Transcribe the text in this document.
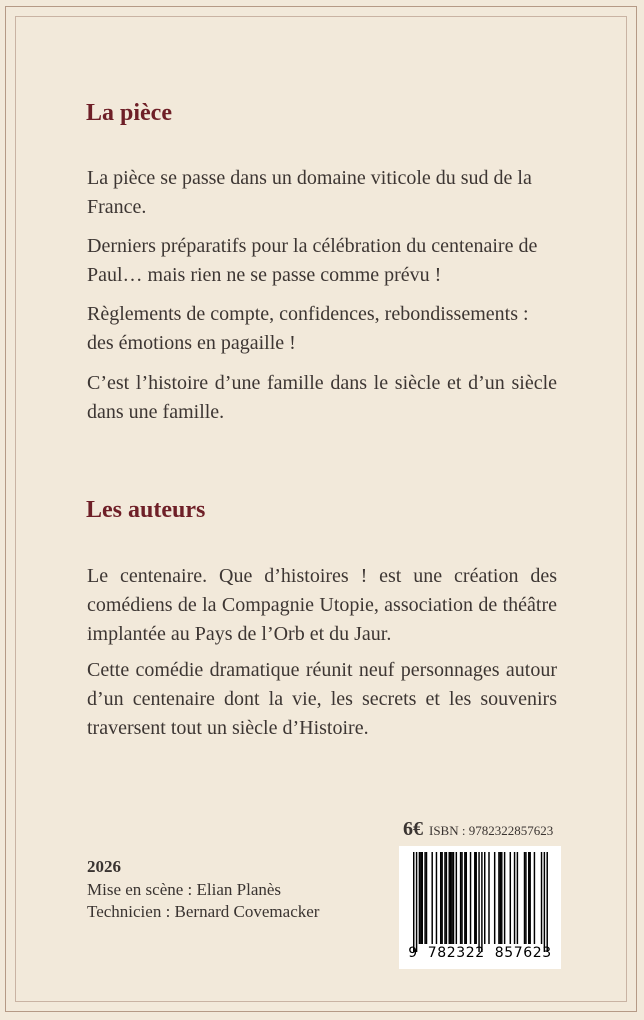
La pièce

La pièce se passe dans un domaine viticole du sud de la France.

Derniers préparatifs pour la célébration du centenaire de Paul… mais rien ne se passe comme prévu !

Règlements de compte, confidences, rebondissements : des émotions en pagaille !

C’est l’histoire d’une famille dans le siècle et d’un siècle dans une famille.

Les auteurs

Le centenaire. Que d’histoires ! est une création des comédiens de la Compagnie Utopie, association de théâtre implantée au Pays de l’Orb et du Jaur.

Cette comédie dramatique réunit neuf personnages autour d’un centenaire dont la vie, les secrets et les souvenirs traversent tout un siècle d’Histoire.

6€ ISBN : 9782322857623
2026
Mise en scène : Elian Planès
Technicien : Bernard Covemacker
9 782322 857623
